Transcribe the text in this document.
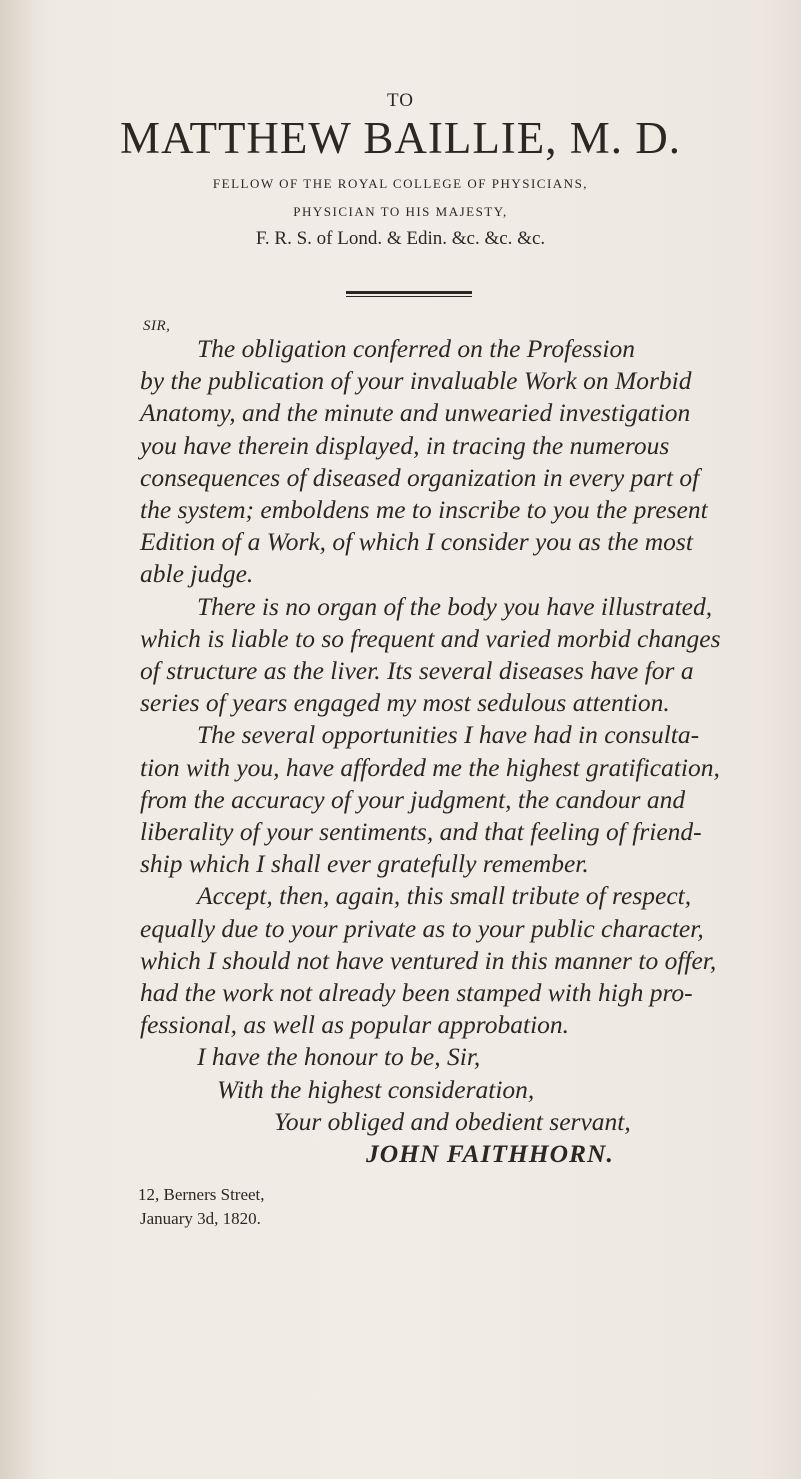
TO
MATTHEW BAILLIE, M. D.
FELLOW OF THE ROYAL COLLEGE OF PHYSICIANS,
PHYSICIAN TO HIS MAJESTY,
F. R. S. of Lond. & Edin. &c. &c. &c.
SIR,
The obligation conferred on the Profession
by the publication of your invaluable Work on Morbid
Anatomy, and the minute and unwearied investigation
you have therein displayed, in tracing the numerous
consequences of diseased organization in every part of
the system; emboldens me to inscribe to you the present
Edition of a Work, of which I consider you as the most
able judge.
There is no organ of the body you have illustrated,
which is liable to so frequent and varied morbid changes
of structure as the liver. Its several diseases have for a
series of years engaged my most sedulous attention.
The several opportunities I have had in consulta-
tion with you, have afforded me the highest gratification,
from the accuracy of your judgment, the candour and
liberality of your sentiments, and that feeling of friend-
ship which I shall ever gratefully remember.
Accept, then, again, this small tribute of respect,
equally due to your private as to your public character,
which I should not have ventured in this manner to offer,
had the work not already been stamped with high pro-
fessional, as well as popular approbation.
I have the honour to be, Sir,
With the highest consideration,
Your obliged and obedient servant,
JOHN FAITHHORN.
12, Berners Street,
January 3d, 1820.
